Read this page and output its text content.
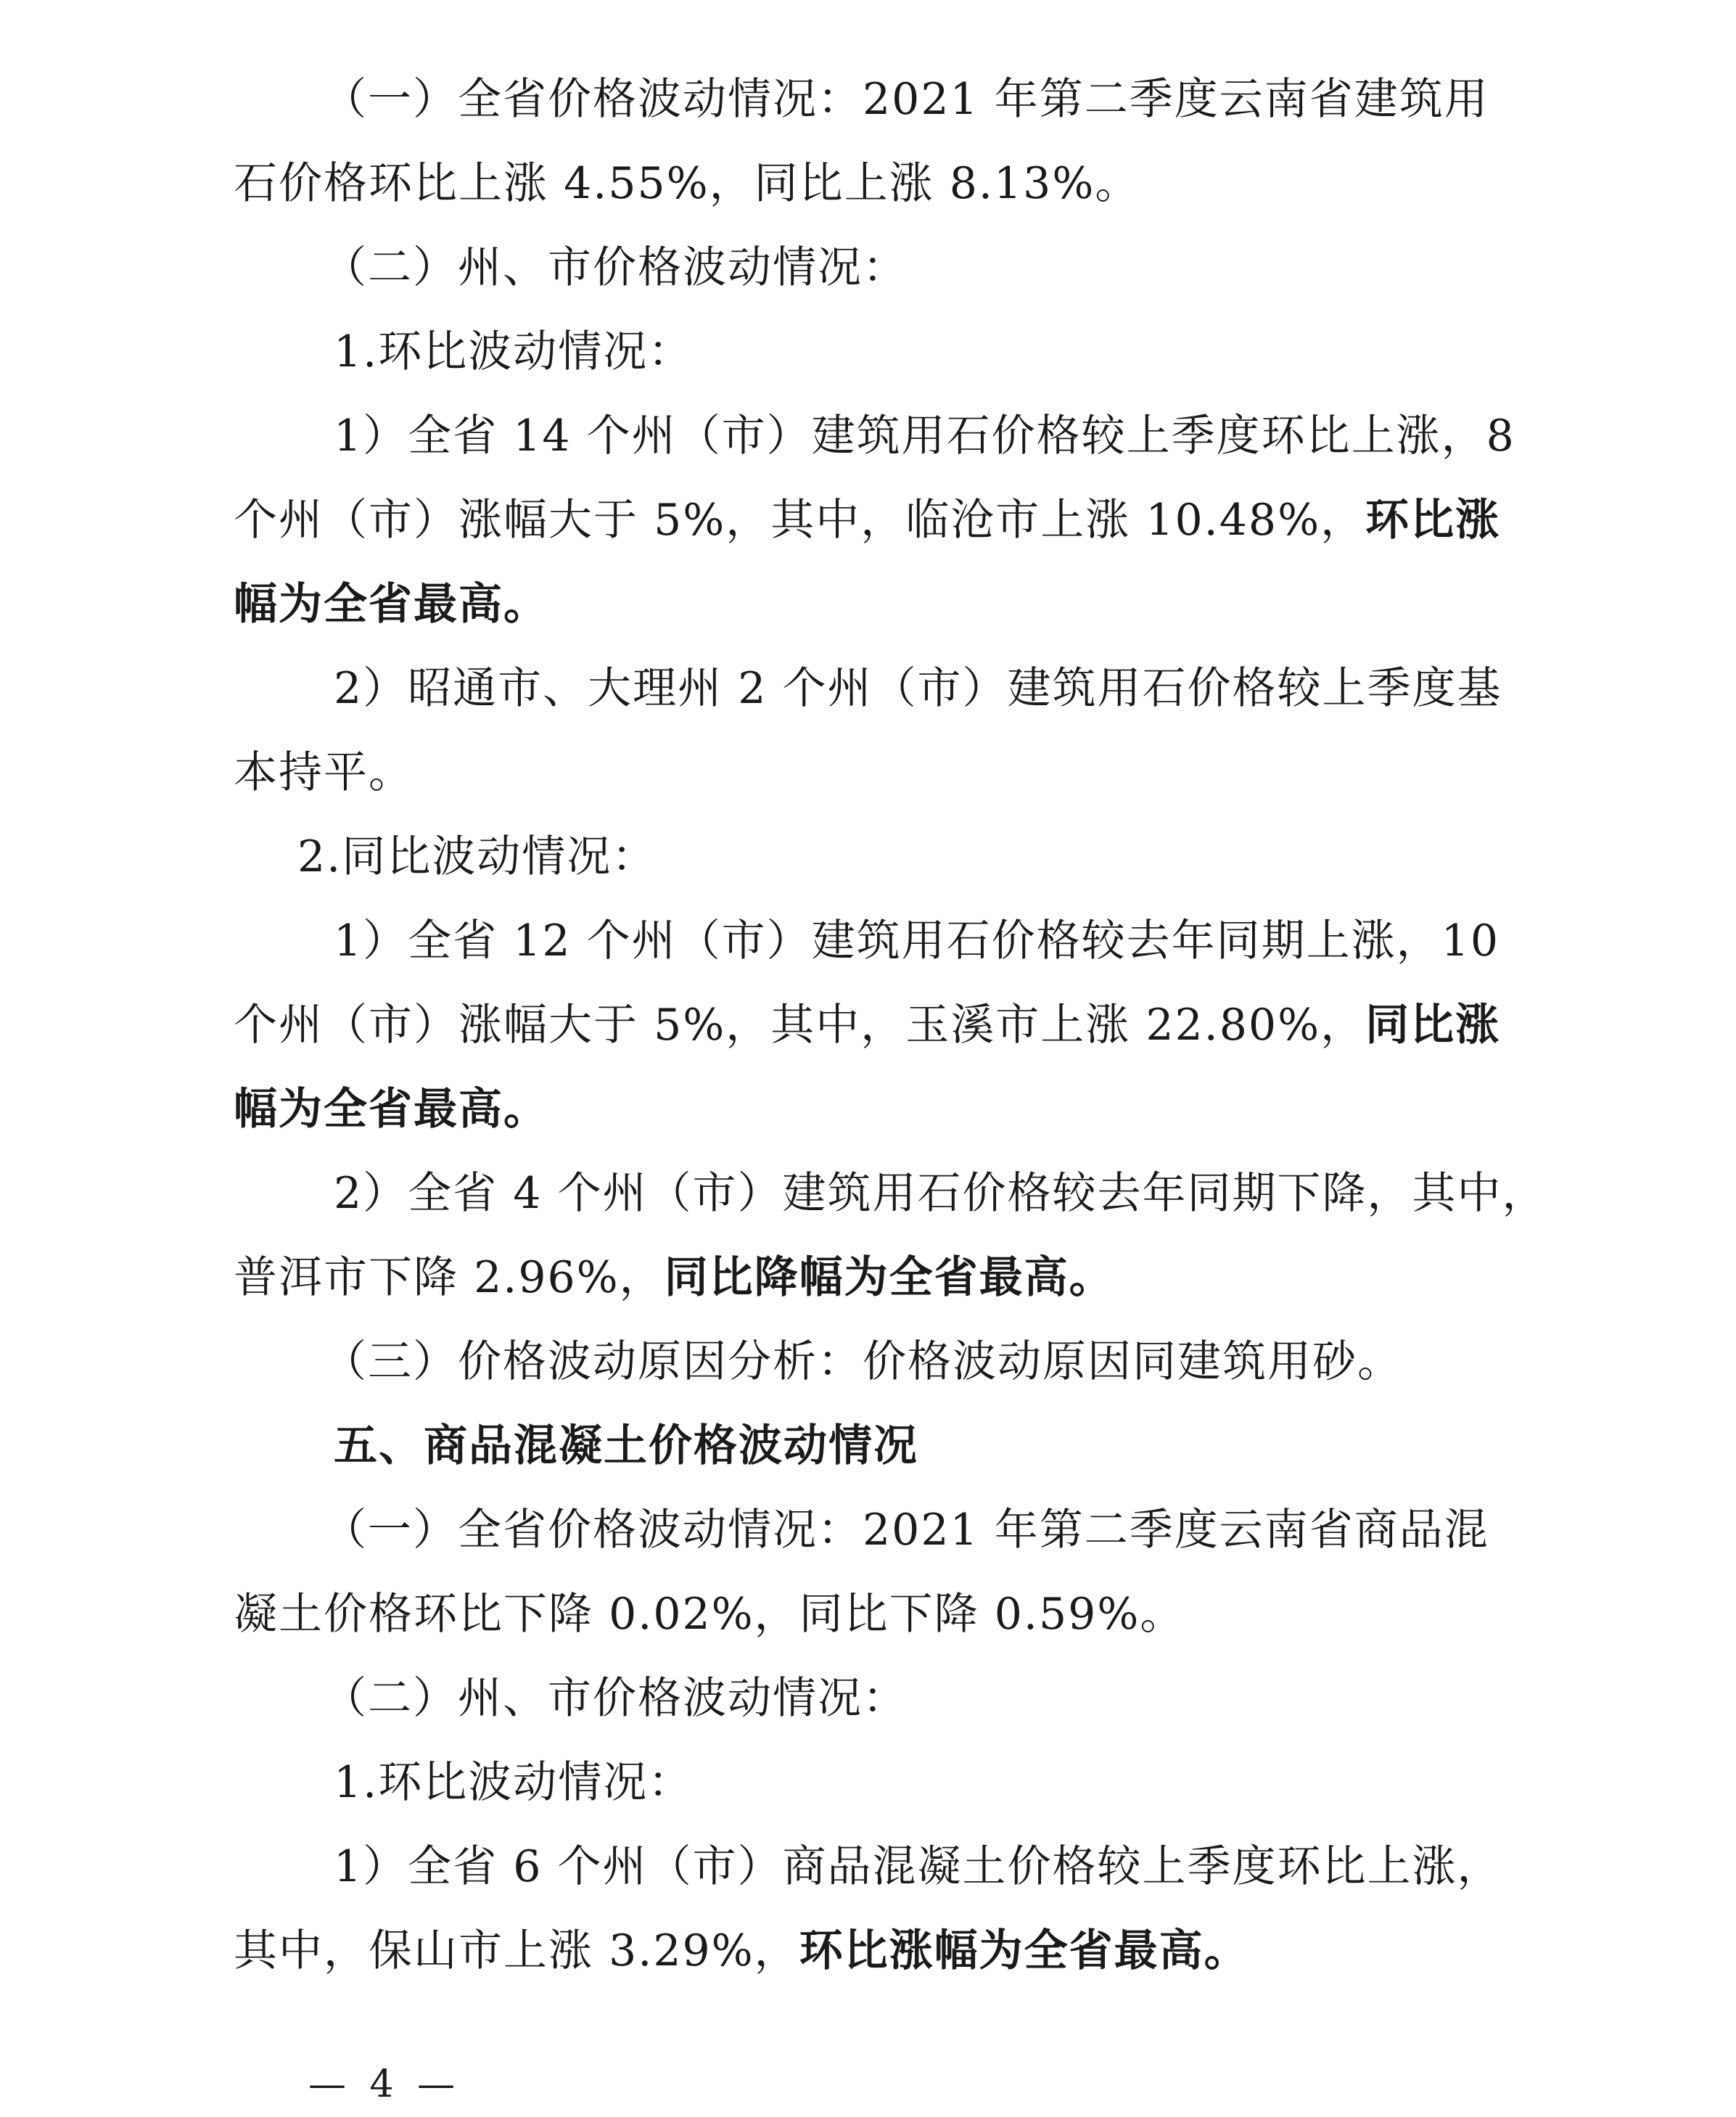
（一）全省价格波动情况：2021 年第二季度云南省建筑用
石价格环比上涨 4.55%，同比上涨 8.13%。
（二）州、市价格波动情况：
1.环比波动情况：
1）全省 14 个州（市）建筑用石价格较上季度环比上涨，8
个州（市）涨幅大于 5%，其中，临沧市上涨 10.48%，环比涨
幅为全省最高。
2）昭通市、大理州 2 个州（市）建筑用石价格较上季度基
本持平。
2.同比波动情况：
1）全省 12 个州（市）建筑用石价格较去年同期上涨，10
个州（市）涨幅大于 5%，其中，玉溪市上涨 22.80%，同比涨
幅为全省最高。
2）全省 4 个州（市）建筑用石价格较去年同期下降，其中，
普洱市下降 2.96%，同比降幅为全省最高。
（三）价格波动原因分析：价格波动原因同建筑用砂。
五、商品混凝土价格波动情况
（一）全省价格波动情况：2021 年第二季度云南省商品混
凝土价格环比下降 0.02%，同比下降 0.59%。
（二）州、市价格波动情况：
1.环比波动情况：
1）全省 6 个州（市）商品混凝土价格较上季度环比上涨，
其中，保山市上涨 3.29%，环比涨幅为全省最高。
— 4 —
